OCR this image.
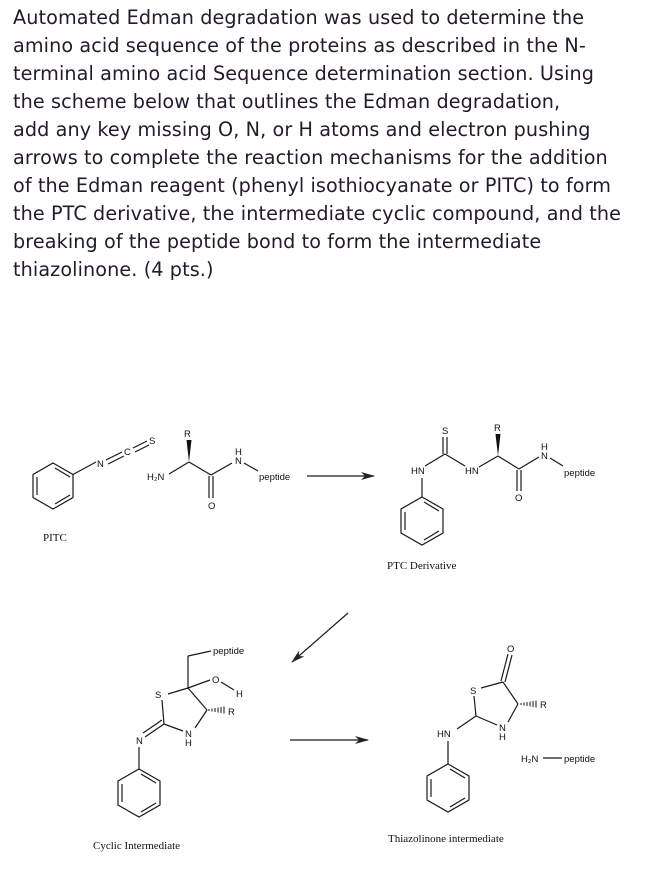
Automated Edman degradation was used to determine the
amino acid sequence of the proteins as described in the N-
terminal amino acid Sequence determination section. Using
the scheme below that outlines the Edman degradation,
add any key missing O, N, or H atoms and electron pushing
arrows to complete the reaction mechanisms for the addition
of the Edman reagent (phenyl isothiocyanate or PITC) to form
the PTC derivative, the intermediate cyclic compound, and the
breaking of the peptide bond to form the intermediate
thiazolinone. (4 pts.)
N
C
S
PITC
H₂N
R
O
N
H
peptide
HN
S
HN
R
O
N
H
peptide
PTC Derivative
peptide
S
N
H
R
O
H
N
Cyclic Intermediate
O
S
N
H
R
HN
Thiazolinone intermediate
H₂N	peptide
